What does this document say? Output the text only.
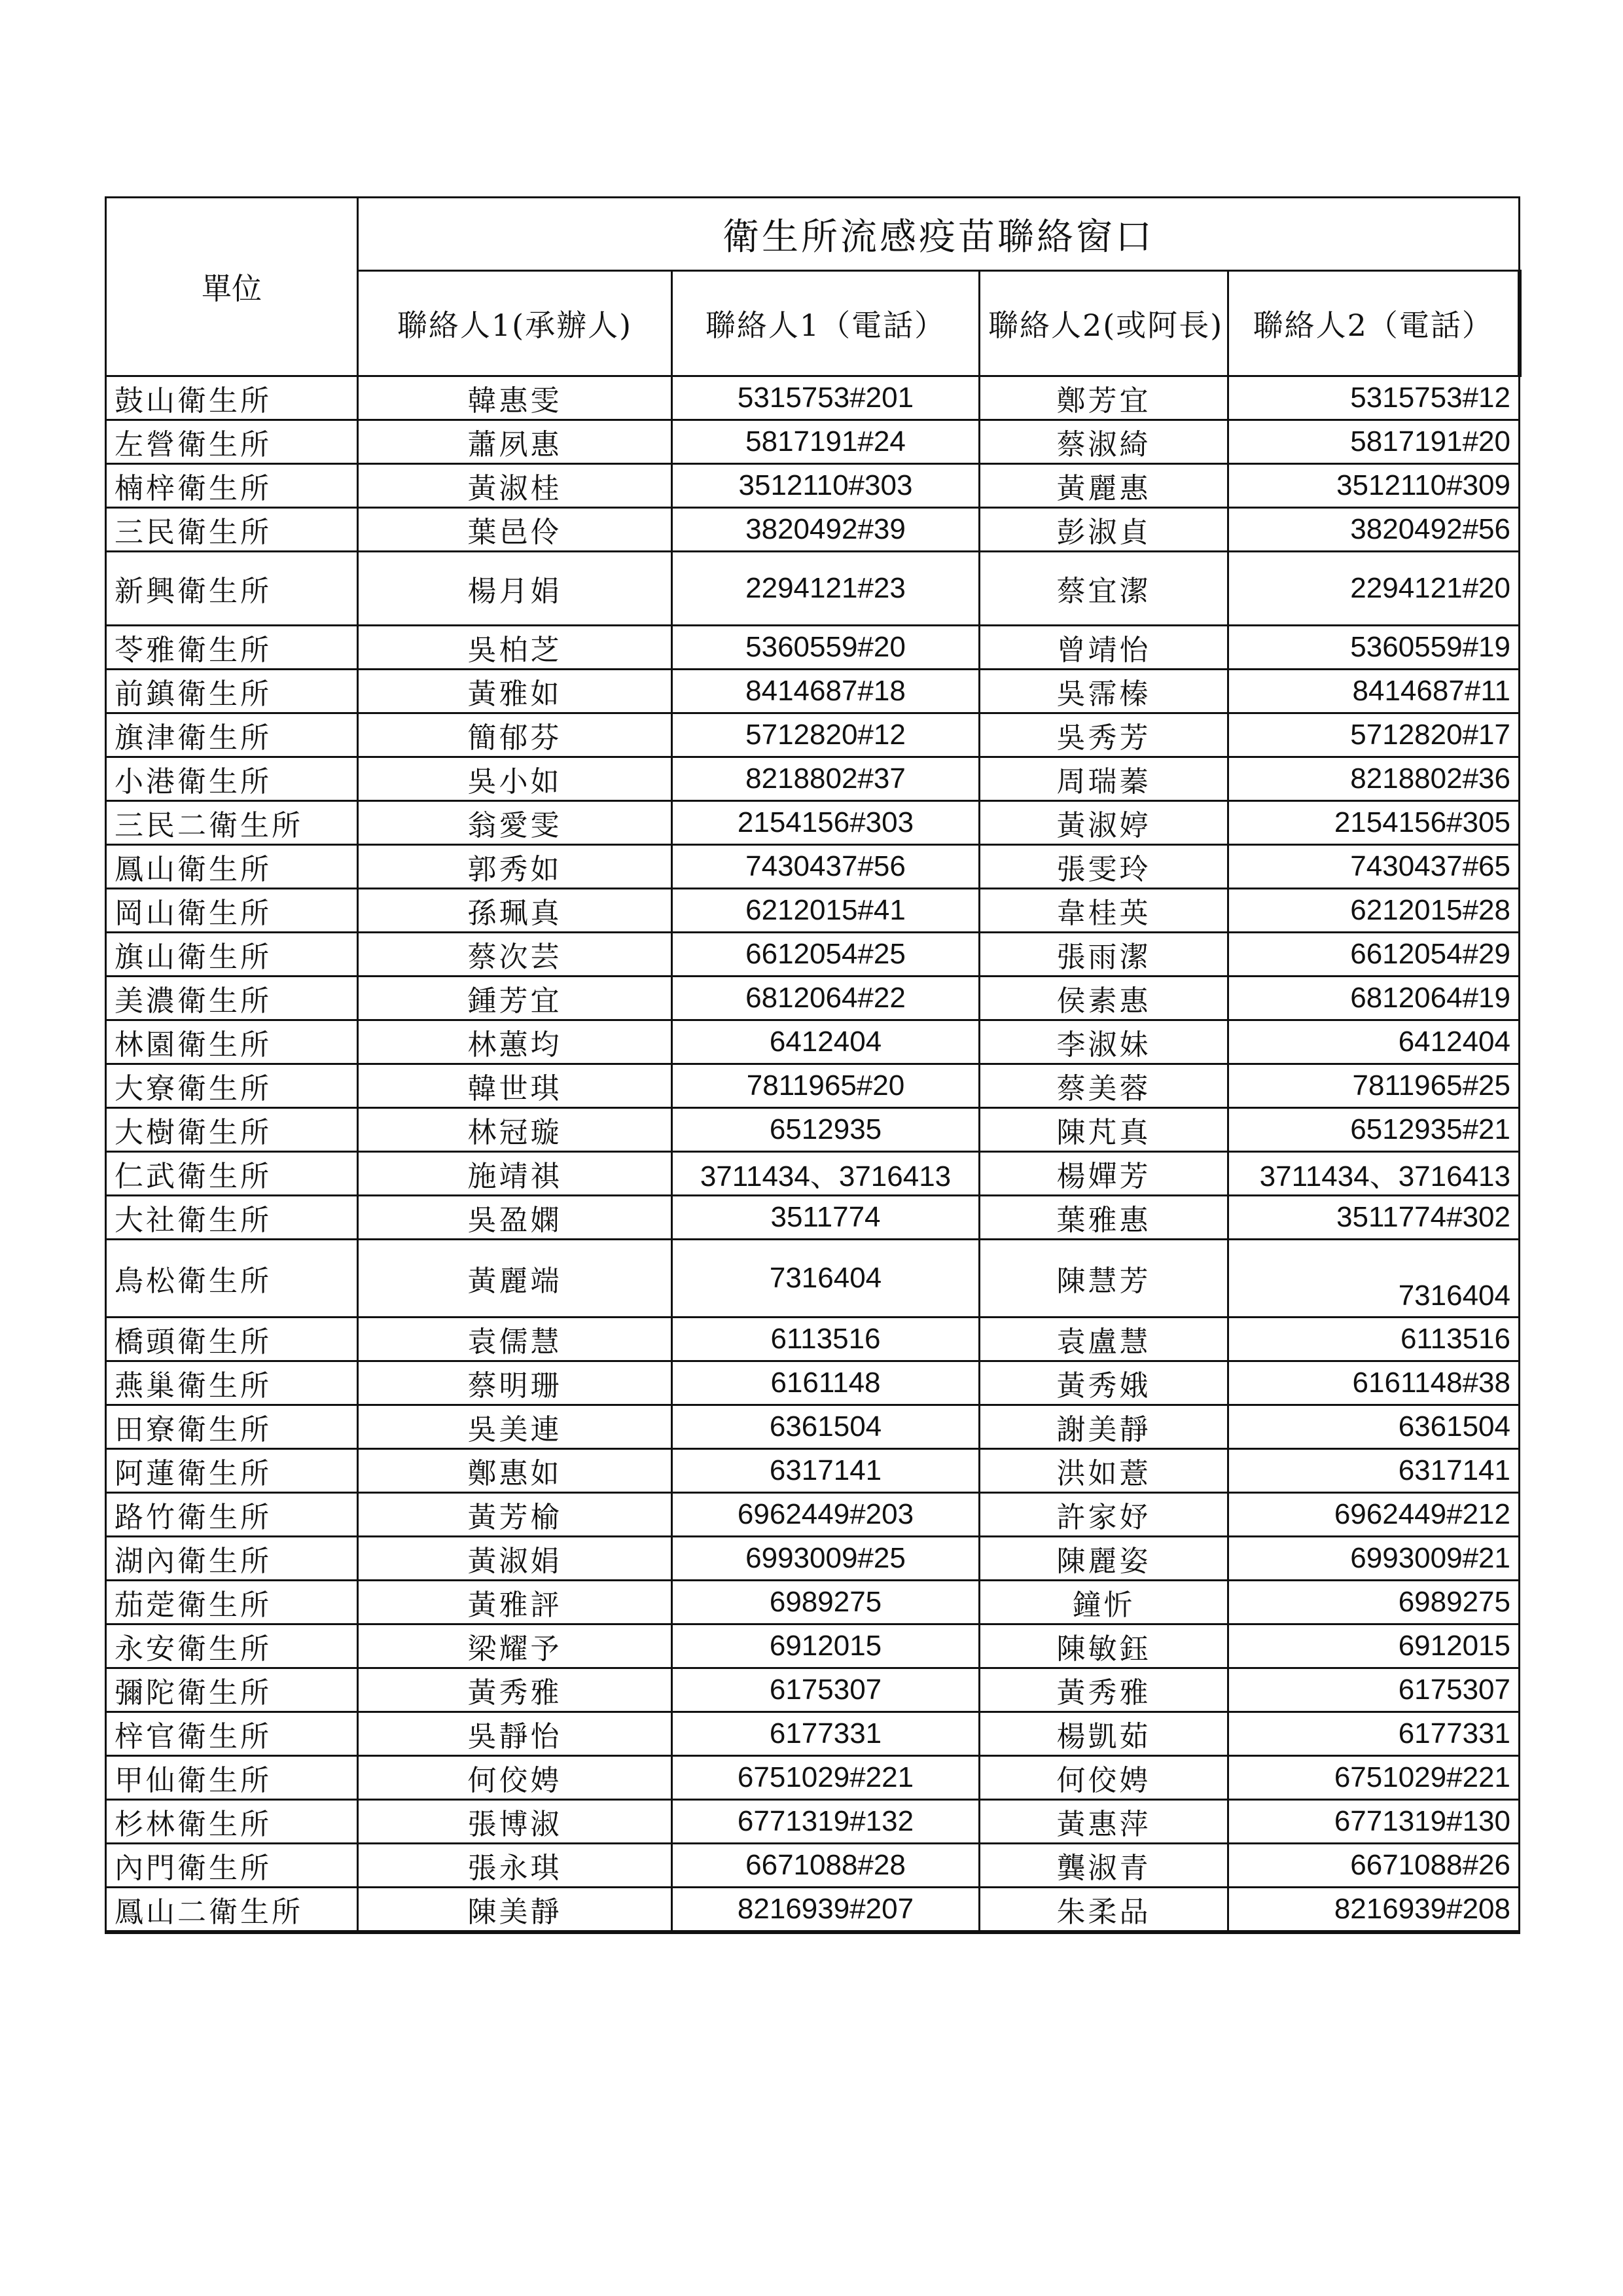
單位	衛生所流感疫苗聯絡窗口			
	聯絡人1(承辦人)	聯絡人1（電話）	聯絡人2(或阿長)	聯絡人2（電話）
鼓山衛生所	韓惠雯	5315753#201	鄭芳宜	5315753#12
左營衛生所	蕭夙惠	5817191#24	蔡淑綺	5817191#20
楠梓衛生所	黃淑桂	3512110#303	黃麗惠	3512110#309
三民衛生所	葉邑伶	3820492#39	彭淑貞	3820492#56
新興衛生所	楊月娟	2294121#23	蔡宜潔	2294121#20
苓雅衛生所	吳柏芝	5360559#20	曾靖怡	5360559#19
前鎮衛生所	黃雅如	8414687#18	吳霈榛	8414687#11
旗津衛生所	簡郁芬	5712820#12	吳秀芳	5712820#17
小港衛生所	吳小如	8218802#37	周瑞蓁	8218802#36
三民二衛生所	翁愛雯	2154156#303	黃淑婷	2154156#305
鳳山衛生所	郭秀如	7430437#56	張雯玲	7430437#65
岡山衛生所	孫珮真	6212015#41	韋桂英	6212015#28
旗山衛生所	蔡次芸	6612054#25	張雨潔	6612054#29
美濃衛生所	鍾芳宜	6812064#22	侯素惠	6812064#19
林園衛生所	林蕙均	6412404	李淑妹	6412404
大寮衛生所	韓世琪	7811965#20	蔡美蓉	7811965#25
大樹衛生所	林冠璇	6512935	陳芃真	6512935#21
仁武衛生所	施靖祺	3711434、3716413	楊嬋芳	3711434、3716413
大社衛生所	吳盈嫻	3511774	葉雅惠	3511774#302
鳥松衛生所	黃麗端	7316404	陳慧芳	7316404
橋頭衛生所	袁儒慧	6113516	袁盧慧	6113516
燕巢衛生所	蔡明珊	6161148	黃秀娥	6161148#38
田寮衛生所	吳美連	6361504	謝美靜	6361504
阿蓮衛生所	鄭惠如	6317141	洪如薏	6317141
路竹衛生所	黃芳榆	6962449#203	許家妤	6962449#212
湖內衛生所	黃淑娟	6993009#25	陳麗姿	6993009#21
茄萣衛生所	黃雅評	6989275	鐘忻	6989275
永安衛生所	梁耀予	6912015	陳敏鈺	6912015
彌陀衛生所	黃秀雅	6175307	黃秀雅	6175307
梓官衛生所	吳靜怡	6177331	楊凱茹	6177331
甲仙衛生所	何佼娉	6751029#221	何佼娉	6751029#221
杉林衛生所	張博淑	6771319#132	黃惠萍	6771319#130
內門衛生所	張永琪	6671088#28	龔淑青	6671088#26
鳳山二衛生所	陳美靜	8216939#207	朱柔品	8216939#208
